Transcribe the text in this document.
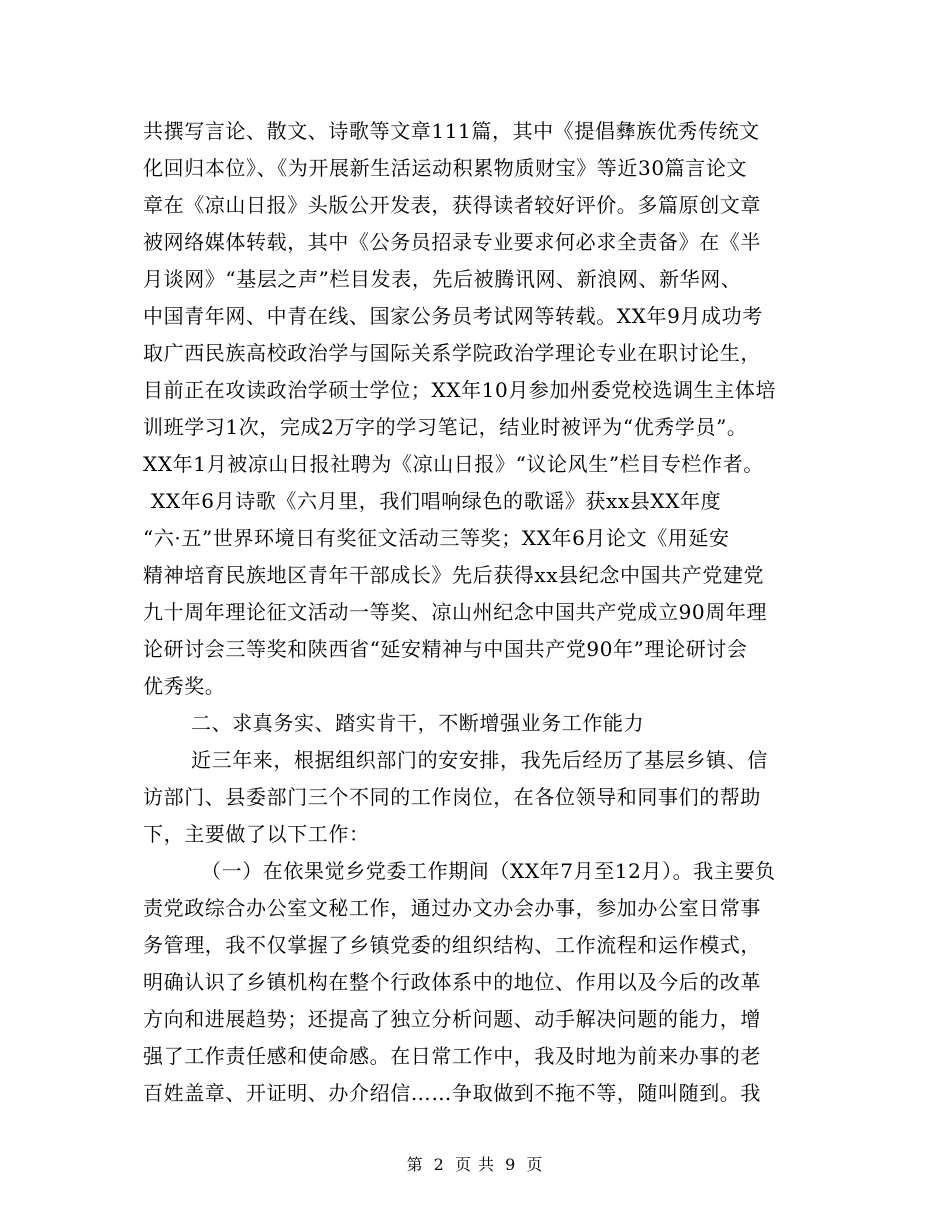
共撰写言论、散文、诗歌等文章111篇，其中《提倡彝族优秀传统文
化回归本位》、《为开展新生活运动积累物质财宝》等近30篇言论文
章在《凉山日报》头版公开发表，获得读者较好评价。多篇原创文章
被网络媒体转载，其中《公务员招录专业要求何必求全责备》在《半
月谈网》“基层之声”栏目发表，先后被腾讯网、新浪网、新华网、
中国青年网、中青在线、国家公务员考试网等转载。XX年9月成功考
取广西民族高校政治学与国际关系学院政治学理论专业在职讨论生，
目前正在攻读政治学硕士学位；XX年10月参加州委党校选调生主体培
训班学习1次，完成2万字的学习笔记，结业时被评为“优秀学员”。
XX年1月被凉山日报社聘为《凉山日报》“议论风生”栏目专栏作者。
XX年6月诗歌《六月里，我们唱响绿色的歌谣》获xx县XX年度
“六·五”世界环境日有奖征文活动三等奖；XX年6月论文《用延安
精神培育民族地区青年干部成长》先后获得xx县纪念中国共产党建党
九十周年理论征文活动一等奖、凉山州纪念中国共产党成立90周年理
论研讨会三等奖和陕西省“延安精神与中国共产党90年”理论研讨会
优秀奖。
二、求真务实、踏实肯干，不断增强业务工作能力
近三年来，根据组织部门的安安排，我先后经历了基层乡镇、信
访部门、县委部门三个不同的工作岗位，在各位领导和同事们的帮助
下，主要做了以下工作：
（一）在依果觉乡党委工作期间（XX年7月至12月）。我主要负
责党政综合办公室文秘工作，通过办文办会办事，参加办公室日常事
务管理，我不仅掌握了乡镇党委的组织结构、工作流程和运作模式，
明确认识了乡镇机构在整个行政体系中的地位、作用以及今后的改革
方向和进展趋势；还提高了独立分析问题、动手解决问题的能力，增
强了工作责任感和使命感。在日常工作中，我及时地为前来办事的老
百姓盖章、开证明、办介绍信……争取做到不拖不等，随叫随到。我
第 2 页 共 9 页
